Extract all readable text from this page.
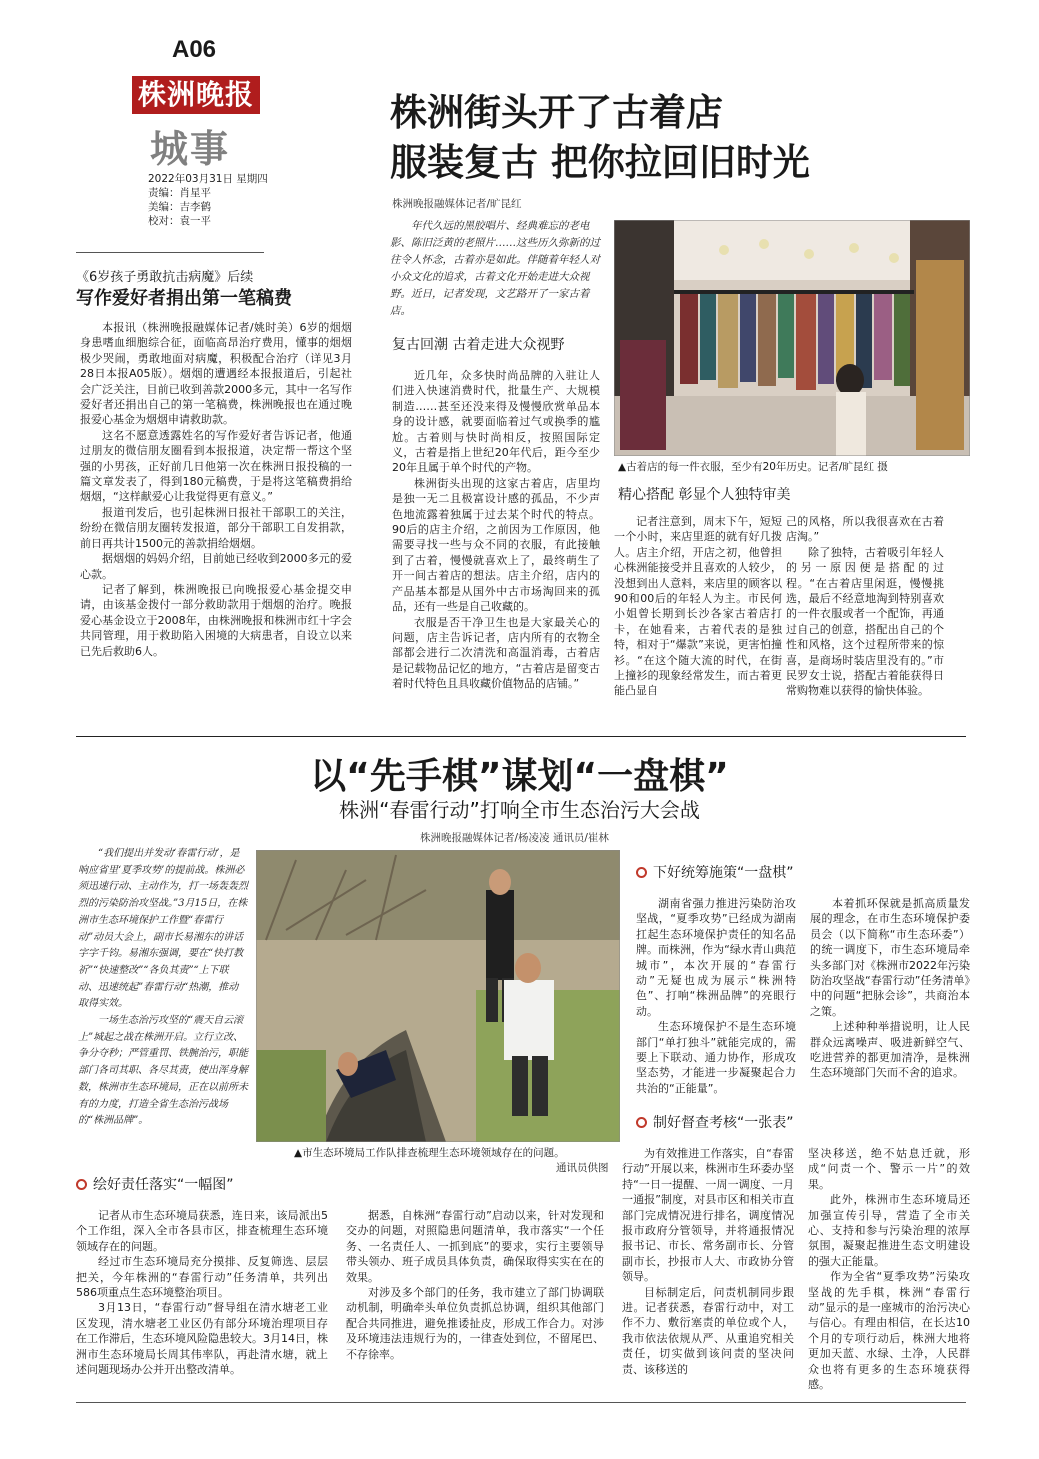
A06
株洲晚报
城事
2022年03月31日 星期四
责编：肖星平
美编：吉李鹤
校对：袁一平
株洲街头开了古着店
服装复古 把你拉回旧时光
株洲晚报融媒体记者/旷昆红
《6岁孩子勇敢抗击病魔》后续
写作爱好者捐出第一笔稿费

本报讯（株洲晚报融媒体记者/姚时美）6岁的烟烟身患嗜血细胞综合征，面临高昂治疗费用，懂事的烟烟极少哭闹，勇敢地面对病魔，积极配合治疗（详见3月28日本报A05版）。烟烟的遭遇经本报报道后，引起社会广泛关注，目前已收到善款2000多元，其中一名写作爱好者还捐出自己的第一笔稿费，株洲晚报也在通过晚报爱心基金为烟烟申请救助款。

这名不愿意透露姓名的写作爱好者告诉记者，他通过朋友的微信朋友圈看到本报报道，决定帮一帮这个坚强的小男孩，正好前几日他第一次在株洲日报投稿的一篇文章发表了，得到180元稿费，于是将这笔稿费捐给烟烟，“这样献爱心让我觉得更有意义。”

报道刊发后，也引起株洲日报社干部职工的关注，纷纷在微信朋友圈转发报道，部分干部职工自发捐款，前日再共计1500元的善款捐给烟烟。

据烟烟的妈妈介绍，目前她已经收到2000多元的爱心款。

记者了解到，株洲晚报已向晚报爱心基金提交申请，由该基金拨付一部分救助款用于烟烟的治疗。晚报爱心基金设立于2008年，由株洲晚报和株洲市红十字会共同管理，用于救助陷入困境的大病患者，自设立以来已先后救助6人。

年代久远的黑胶唱片、经典难忘的老电影、陈旧泛黄的老照片……这些历久弥新的过往令人怀念，古着亦是如此。伴随着年轻人对小众文化的追求，古着文化开始走进大众视野。近日，记者发现，文艺路开了一家古着店。

复古回潮 古着走进大众视野

近几年，众多快时尚品牌的入驻让人们进入快速消费时代，批量生产、大规模制造……甚至还没来得及慢慢欣赏单品本身的设计感，就要面临着过气或换季的尴尬。古着则与快时尚相反，按照国际定义，古着是指上世纪20年代后，距今至少20年且属于单个时代的产物。

株洲街头出现的这家古着店，店里均是独一无二且极富设计感的孤品，不少声色地流露着独属于过去某个时代的特点。90后的店主介绍，之前因为工作原因，他需要寻找一些与众不同的衣服，有此接触到了古着，慢慢就喜欢上了，最终萌生了开一间古着店的想法。店主介绍，店内的产品基本都是从国外中古市场淘回来的孤品，还有一些是自己收藏的。

衣服是否干净卫生也是大家最关心的问题，店主告诉记者，店内所有的衣物全部都会进行二次清洗和高温消毒，古着店是记载物品记忆的地方，“古着店是留变古着时代特色且具收藏价值物品的店铺。”

▲古着店的每一件衣服，至少有20年历史。记者/旷昆红 摄
精心搭配 彰显个人独特审美

记者注意到，周末下午，短短一个小时，来店里逛的就有好几拨人。店主介绍，开店之初，他曾担心株洲能接受并且喜欢的人较少，没想到出人意料，来店里的顾客以90和00后的年轻人为主。市民何小姐曾长期到长沙各家古着店打卡，在她看来，古着代表的是独特，相对于“爆款”来说，更害怕撞衫。“在这个随大流的时代，在街上撞衫的现象经常发生，而古着更能凸显自

己的风格，所以我很喜欢在古着店淘。”

除了独特，古着吸引年轻人的另一原因便是搭配的过程。“在古着店里闲逛，慢慢挑选，最后不经意地淘到特别喜欢的一件衣服或者一个配饰，再通过自己的创意，搭配出自己的个性和风格，这个过程所带来的惊喜，是商场时装店里没有的。”市民罗女士说，搭配古着能获得日常购物难以获得的愉快体验。

以“先手棋”谋划“一盘棋”
株洲“春雷行动”打响全市生态治污大会战
株洲晚报融媒体记者/杨凌凌 通讯员/崔林

“我们提出并发动‘春雷行动’，是响应省里‘夏季攻势’的提前战。株洲必须迅速行动、主动作为，打一场轰轰烈烈的污染防治攻坚战。”3月15日，在株洲市生态环境保护工作暨“春雷行动”动员大会上，副市长易湘东的讲话字字千钧。易湘东强调，要在“快打教祈”“快速整改”“各负其责”“上下联动、迅速统起”春雷行动“热潮，推动取得实效。

一场生态治污攻坚的“震天自云滚上”城起之战在株洲开启。立行立改、争分夺秒；严管重罚、铁腕治污，职能部门各司其职、各尽其责，使出浑身解数，株洲市生态环境局，正在以前所未有的力度，打造全省生态治污战场的“株洲品牌”。

▲市生态环境局工作队排查梳理生态环境领域存在的问题。
通讯员供图
绘好责任落实“一幅图”

记者从市生态环境局获悉，连日来，该局派出5个工作组，深入全市各县市区，排查梳理生态环境领域存在的问题。

经过市生态环境局充分摸排、反复筛选、层层把关，今年株洲的“春雷行动”任务清单，共列出586项重点生态环境整治项目。

3月13日，“春雷行动”督导组在清水塘老工业区发现，清水塘老工业区仍有部分环境治理项目存在工作滞后，生态环境风险隐患较大。3月14日，株洲市生态环境局长周其伟率队，再赴清水塘，就上述问题现场办公并开出整改清单。

据悉，自株洲“春雷行动”启动以来，针对发现和交办的问题，对照隐患问题清单，我市落实“一个任务、一名责任人、一抓到底”的要求，实行主要领导带头领办、班子成员具体负责，确保取得实实在在的效果。

对涉及多个部门的任务，我市建立了部门协调联动机制，明确牵头单位负责抓总协调，组织其他部门配合共同推进，避免推诿扯皮，形成工作合力。对涉及环境违法违规行为的，一律查处到位，不留尾巴、不存徐率。

下好统筹施策“一盘棋”

湖南省强力推进污染防治攻坚战，“夏季攻势”已经成为湖南扛起生态环境保护责任的知名品牌。而株洲，作为“绿水青山典范城市”，本次开展的“春雷行动”无疑也成为展示“株洲特色”、打响“株洲品牌”的亮眼行动。

生态环境保护不是生态环境部门“单打独斗”就能完成的，需要上下联动、通力协作，形成攻坚态势，才能进一步凝聚起合力共治的“正能量”。

本着抓环保就是抓高质量发展的理念，在市生态环境保护委员会（以下简称“市生态环委”）的统一调度下，市生态环境局牵头多部门对《株洲市2022年污染防治攻坚战“春雷行动”任务清单》中的问题“把脉会诊”，共商治本之策。

上述种种举措说明，让人民群众远离噪声、吸进新鲜空气、吃进营养的都更加清净，是株洲生态环境部门矢而不舍的追求。

制好督查考核“一张表”

为有效推进工作落实，自“春雷行动”开展以来，株洲市生环委办坚持“一日一提醒、一周一调度、一月一通报”制度，对县市区和相关市直部门完成情况进行排名，调度情况报市政府分管领导，并将通报情况报书记、市长、常务副市长、分管副市长，抄报市人大、市政协分管领导。

目标制定后，问责机制同步跟进。记者获悉，春雷行动中，对工作不力、敷衍塞责的单位或个人，我市依法依规从严、从重追究相关责任，切实做到该问责的坚决问责、该移送的

坚决移送，绝不姑息迁就，形成“问责一个、警示一片”的效果。

此外，株洲市生态环境局还加强宣传引导，营造了全市关心、支持和参与污染治理的浓厚氛围，凝聚起推进生态文明建设的强大正能量。

作为全省“夏季攻势”污染攻坚战的先手棋，株洲“春雷行动”显示的是一座城市的治污决心与信心。有理由相信，在长达10个月的专项行动后，株洲大地将更加天蓝、水绿、土净，人民群众也将有更多的生态环境获得感。
